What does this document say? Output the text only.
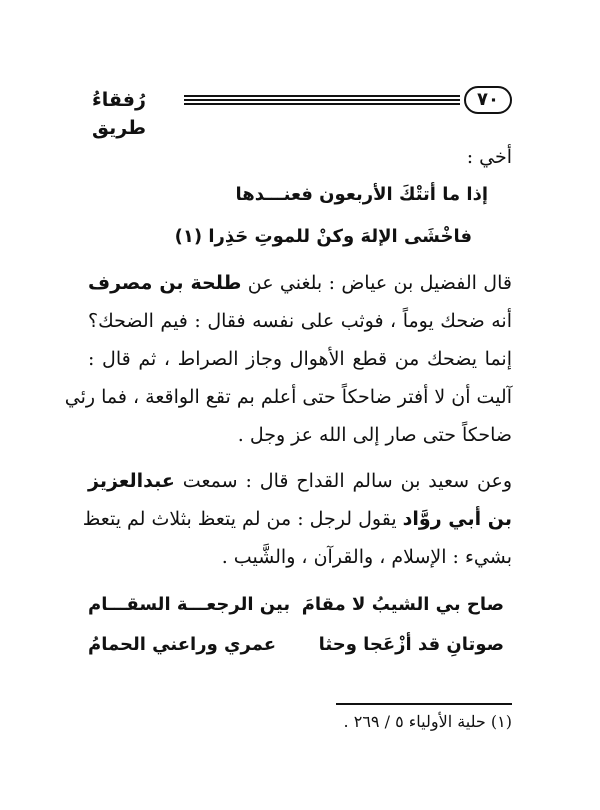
٧٠
رُفقاءُ طريق
أخي :
إذا ما أتتْكَ الأربعون فعنـــدها
فاخْشَى الإلهَ وكنْ للموتِ حَذِرا (١)
قال الفضيل بن عياض : بلغني عن طلحة بن مصرف
أنه ضحك يوماً ، فوثب على نفسه فقال : فيم الضحك؟
إنما يضحك من قطع الأهوال وجاز الصراط ، ثم قال :
آليت أن لا أفتر ضاحكاً حتى أعلم بم تقع الواقعة ، فما رئي
ضاحكاً حتى صار إلى الله عز وجل .
وعن سعيد بن سالم القداح قال : سمعت عبدالعزيز
بن أبي روَّاد يقول لرجل : من لم يتعظ بثلاث لم يتعظ
بشيء : الإسلام ، والقرآن ، والشَّيب .
صاح بي الشيبُ لا مقامَ
بين الرجعـــة السقـــام
صوتانِ قد أزْعَجا وحثا
عمري وراعني الحمامُ
(١) حلية الأولياء ٥ / ٢٦٩ .
